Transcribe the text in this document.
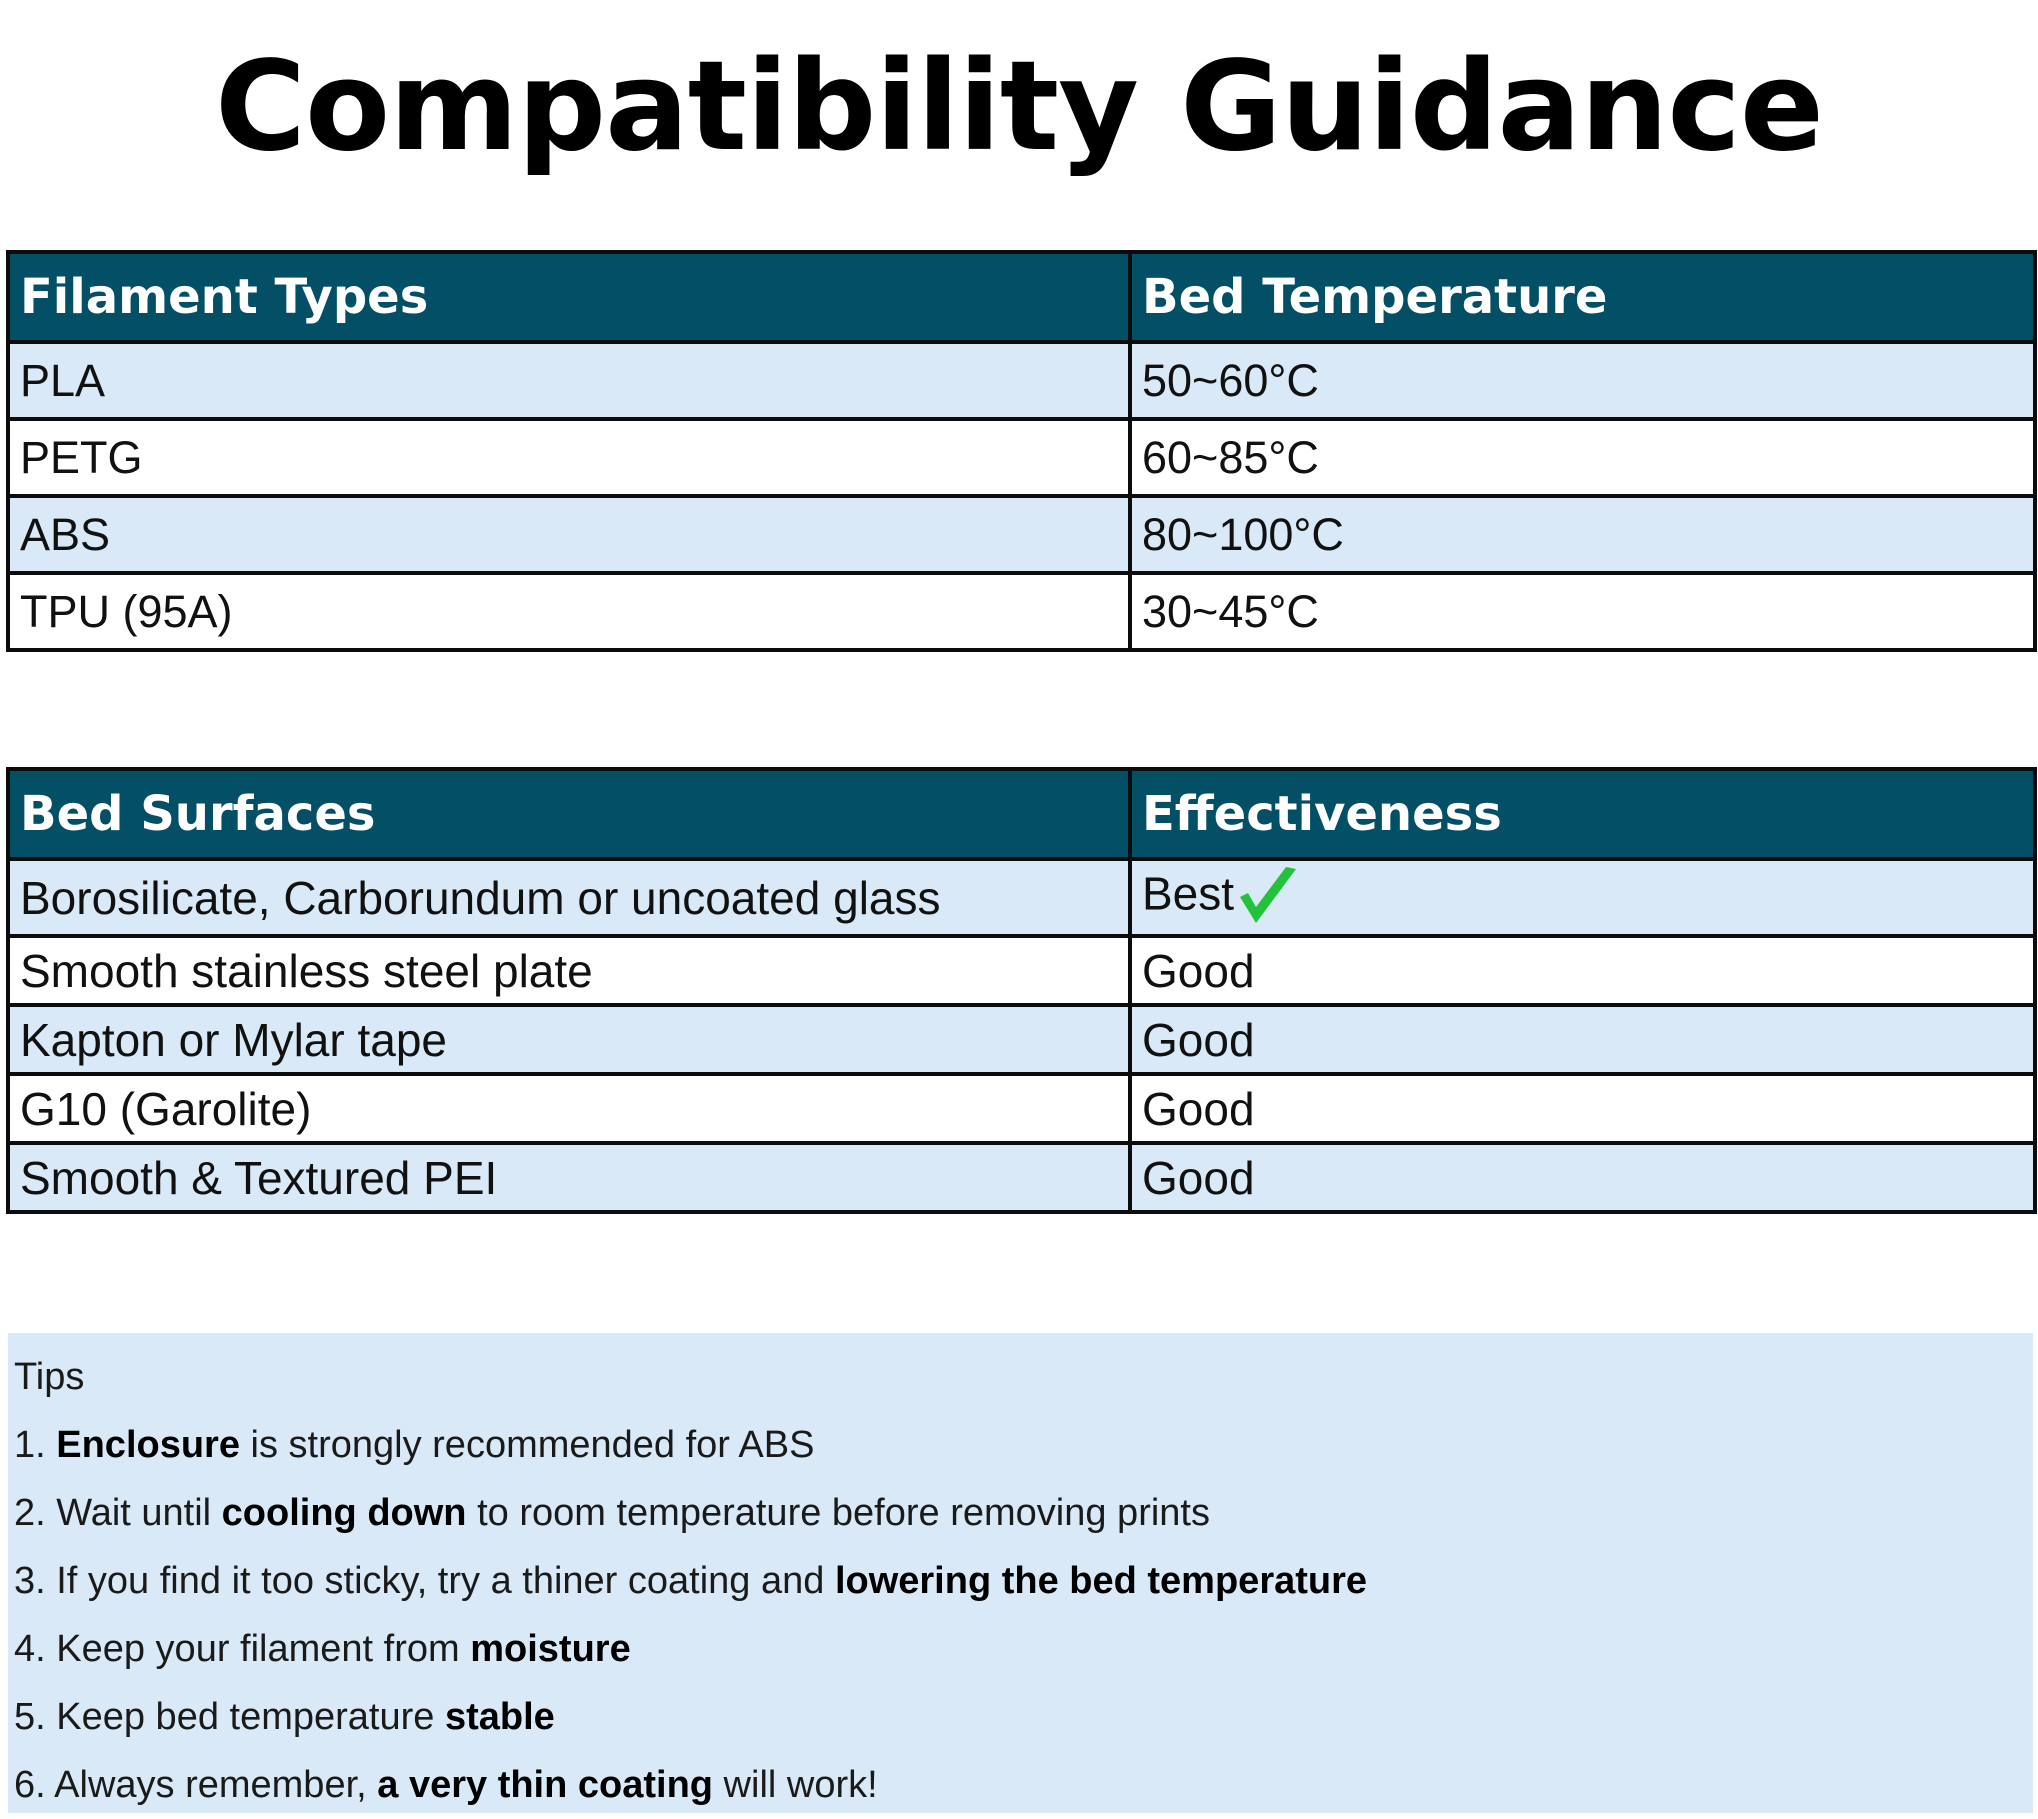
Compatibility Guidance
Filament Types	Bed Temperature
PLA	50~60°C
PETG	60~85°C
ABS	80~100°C
TPU (95A)	30~45°C
Bed Surfaces	Effectiveness
Borosilicate, Carborundum or uncoated glass	Best
Smooth stainless steel plate	Good
Kapton or Mylar tape	Good
G10 (Garolite)	Good
Smooth & Textured PEI	Good
Tips
1. Enclosure is strongly recommended for ABS
2. Wait until cooling down to room temperature before removing prints
3. If you find it too sticky, try a thiner coating and lowering the bed temperature
4. Keep your filament from moisture
5. Keep bed temperature stable
6. Always remember, a very thin coating will work!
